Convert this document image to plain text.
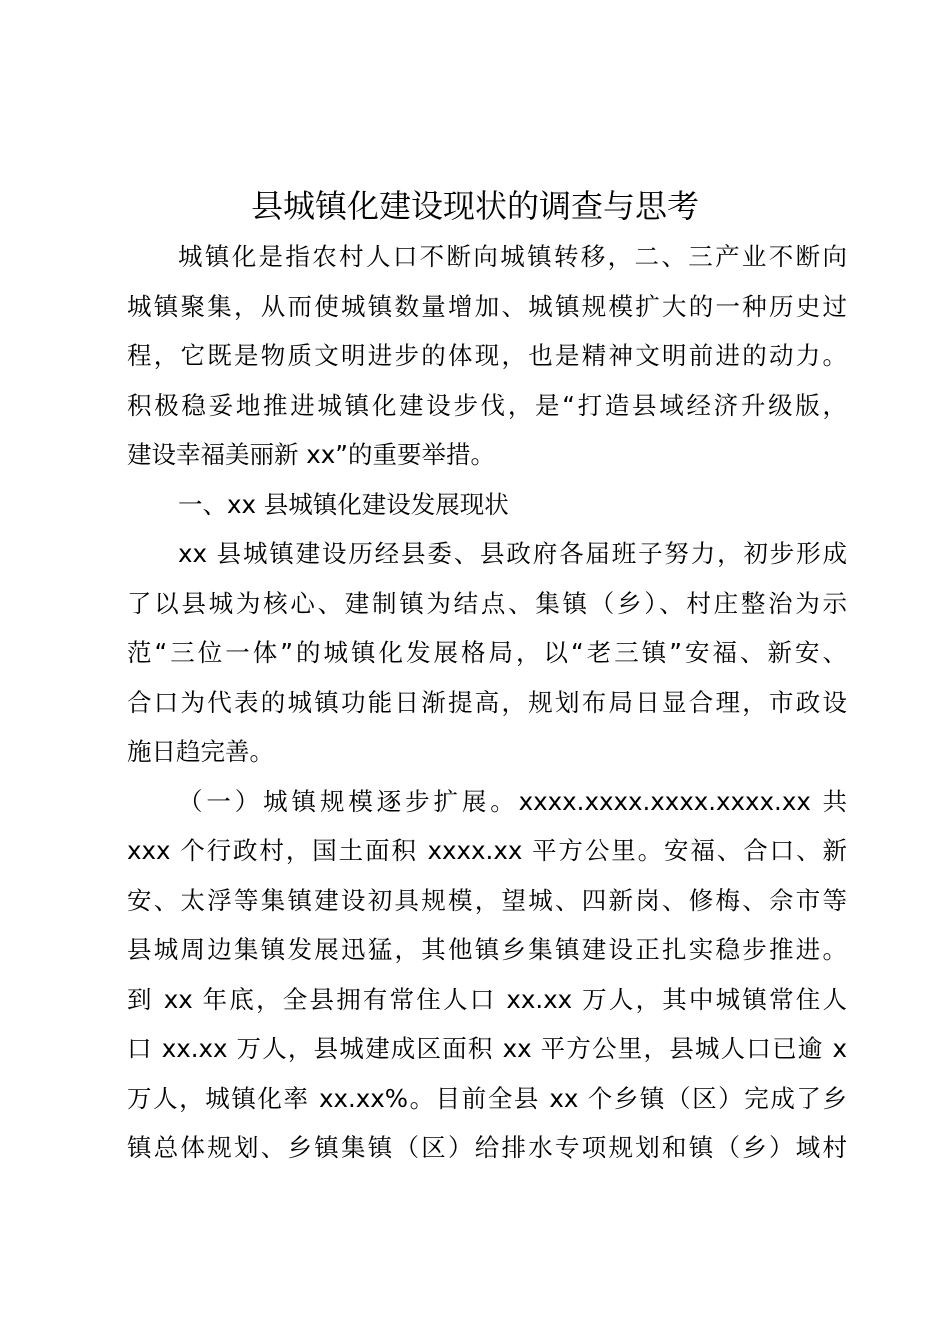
县城镇化建设现状的调查与思考
城镇化是指农村人口不断向城镇转移，二、三产业不断向
城镇聚集，从而使城镇数量增加、城镇规模扩大的一种历史过
程，它既是物质文明进步的体现，也是精神文明前进的动力。
积极稳妥地推进城镇化建设步伐，是“打造县域经济升级版，
建设幸福美丽新 xx”的重要举措。
一、xx 县城镇化建设发展现状
xx 县城镇建设历经县委、县政府各届班子努力，初步形成
了以县城为核心、建制镇为结点、集镇（乡）、村庄整治为示
范“三位一体”的城镇化发展格局，以“老三镇”安福、新安、
合口为代表的城镇功能日渐提高，规划布局日显合理，市政设
施日趋完善。
（一）城镇规模逐步扩展。xxxx.xxxx.xxxx.xxxx.xx 共
xxx 个行政村，国土面积 xxxx.xx 平方公里。安福、合口、新
安、太浮等集镇建设初具规模，望城、四新岗、修梅、佘市等
县城周边集镇发展迅猛，其他镇乡集镇建设正扎实稳步推进。
到 xx 年底，全县拥有常住人口 xx.xx 万人，其中城镇常住人
口 xx.xx 万人，县城建成区面积 xx 平方公里，县城人口已逾 x
万人，城镇化率 xx.xx%。目前全县 xx 个乡镇（区）完成了乡
镇总体规划、乡镇集镇（区）给排水专项规划和镇（乡）域村
